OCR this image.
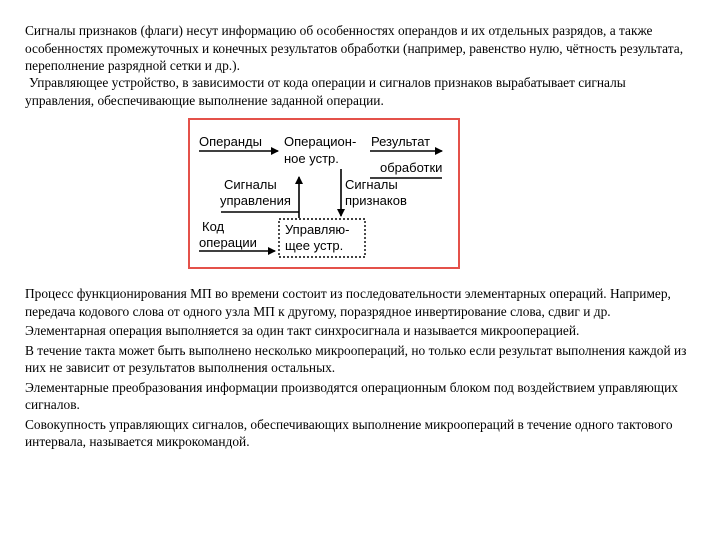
Сигналы признаков (флаги) несут информацию об особенностях операндов и их отдельных разрядов, а также особенностях промежуточных и конечных результатов обработки (например, равенство нулю, чётность результата, переполнение разрядной сетки и др.).

Управляющее устройство, в зависимости от кода операции и сигналов признаков вырабатывает сигналы управления, обеспечивающие выполнение заданной операции.

Операнды Операцион-
ное устр.
Результат
обработки
Сигналы
управления
Сигналы
признаков
Код
операции
Управляю-
щее устр.

Процесс функционирования МП во времени состоит из последовательности элементарных операций. Например, передача кодового слова от одного узла МП к другому, поразрядное инвертирование слова, сдвиг и др.

Элементарная операция выполняется за один такт синхросигнала и называется микрооперацией.

В течение такта может быть выполнено несколько микроопераций, но только если результат выполнения каждой из них не зависит от результатов выполнения остальных.

Элементарные преобразования информации производятся операционным блоком под воздействием управляющих сигналов.

Совокупность управляющих сигналов, обеспечивающих выполнение микроопераций в течение одного тактового интервала, называется микрокомандой.
